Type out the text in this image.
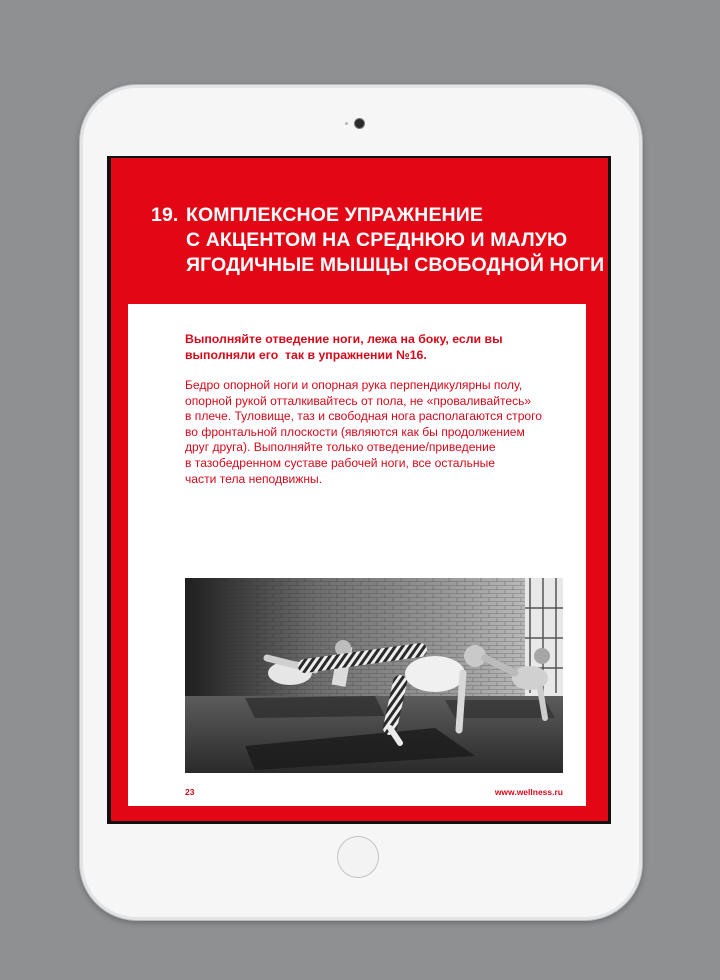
19. КОМПЛЕКСНОЕ УПРАЖНЕНИЕ
С АКЦЕНТОМ НА СРЕДНЮЮ И МАЛУЮ
ЯГОДИЧНЫЕ МЫШЦЫ СВОБОДНОЙ НОГИ
Выполняйте отведение ноги, лежа на боку, если вы
выполняли его  так в упражнении №16.
Бедро опорной ноги и опорная рука перпендикулярны полу,
опорной рукой отталкивайтесь от пола, не «проваливайтесь»
в плече. Туловище, таз и свободная нога располагаются строго
во фронтальной плоскости (являются как бы продолжением
друг друга). Выполняйте только отведение/приведение
в тазобедренном суставе рабочей ноги, все остальные
части тела неподвижны.
23	www.wellness.ru
